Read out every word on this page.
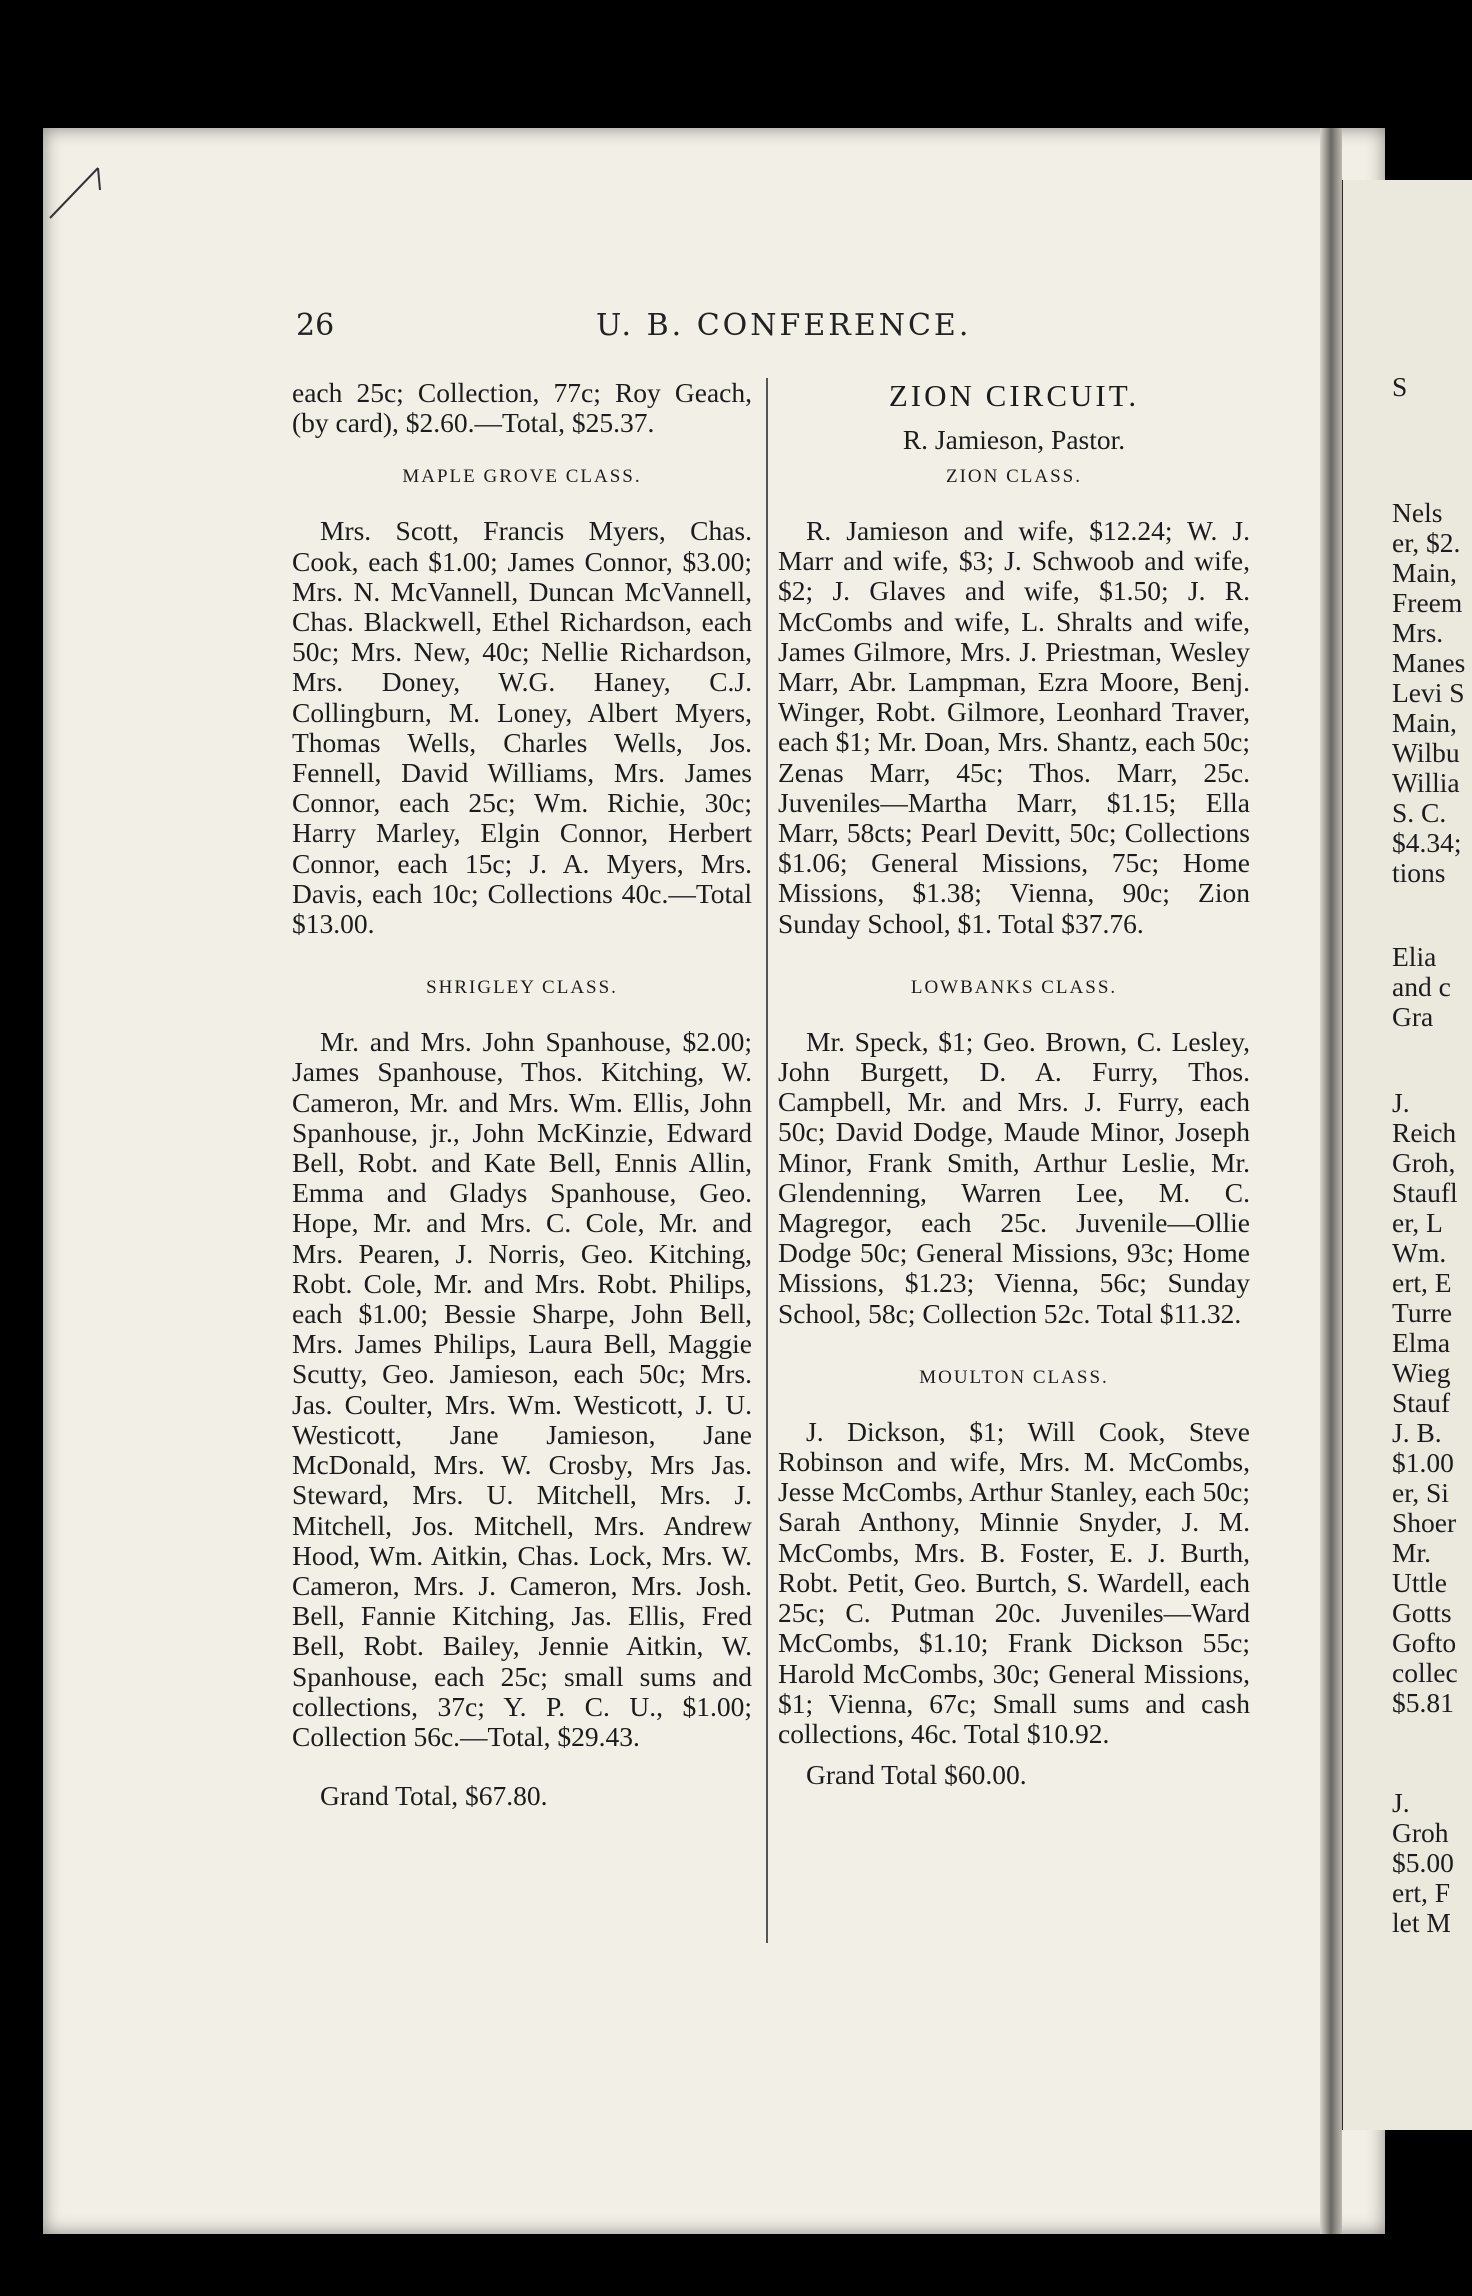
26	U. B. CONFERENCE.

each 25c; Collection, 77c; Roy Geach, (by card), $2.60.—Total, $25.37.

MAPLE GROVE CLASS.

Mrs. Scott, Francis Myers, Chas. Cook, each $1.00; James Connor, $3.00; Mrs. N. McVannell, Duncan McVannell, Chas. Blackwell, Ethel Richardson, each 50c; Mrs. New, 40c; Nellie Richardson, Mrs. Doney, W.G. Haney, C.J. Collingburn, M. Loney, Albert Myers, Thomas Wells, Charles Wells, Jos. Fennell, David Williams, Mrs. James Connor, each 25c; Wm. Richie, 30c; Harry Marley, Elgin Connor, Herbert Connor, each 15c; J. A. Myers, Mrs. Davis, each 10c; Collections 40c.—Total $13.00.

SHRIGLEY CLASS.

Mr. and Mrs. John Spanhouse, $2.00; James Spanhouse, Thos. Kitching, W. Cameron, Mr. and Mrs. Wm. Ellis, John Spanhouse, jr., John McKinzie, Edward Bell, Robt. and Kate Bell, Ennis Allin, Emma and Gladys Spanhouse, Geo. Hope, Mr. and Mrs. C. Cole, Mr. and Mrs. Pearen, J. Norris, Geo. Kitching, Robt. Cole, Mr. and Mrs. Robt. Philips, each $1.00; Bessie Sharpe, John Bell, Mrs. James Philips, Laura Bell, Maggie Scutty, Geo. Jamieson, each 50c; Mrs. Jas. Coulter, Mrs. Wm. Westicott, J. U. Westicott, Jane Jamieson, Jane McDonald, Mrs. W. Crosby, Mrs Jas. Steward, Mrs. U. Mitchell, Mrs. J. Mitchell, Jos. Mitchell, Mrs. Andrew Hood, Wm. Aitkin, Chas. Lock, Mrs. W. Cameron, Mrs. J. Cameron, Mrs. Josh. Bell, Fannie Kitching, Jas. Ellis, Fred Bell, Robt. Bailey, Jennie Aitkin, W. Spanhouse, each 25c; small sums and collections, 37c; Y. P. C. U., $1.00; Collection 56c.—Total, $29.43.

Grand Total, $67.80.

ZION CIRCUIT.

R. Jamieson, Pastor.

ZION CLASS.

R. Jamieson and wife, $12.24; W. J. Marr and wife, $3; J. Schwoob and wife, $2; J. Glaves and wife, $1.50; J. R. McCombs and wife, L. Shralts and wife, James Gilmore, Mrs. J. Priestman, Wesley Marr, Abr. Lampman, Ezra Moore, Benj. Winger, Robt. Gilmore, Leonhard Traver, each $1; Mr. Doan, Mrs. Shantz, each 50c; Zenas Marr, 45c; Thos. Marr, 25c. Juveniles—Martha Marr, $1.15; Ella Marr, 58cts; Pearl Devitt, 50c; Collections $1.06; General Missions, 75c; Home Missions, $1.38; Vienna, 90c; Zion Sunday School, $1. Total $37.76.

LOWBANKS CLASS.

Mr. Speck, $1; Geo. Brown, C. Lesley, John Burgett, D. A. Furry, Thos. Campbell, Mr. and Mrs. J. Furry, each 50c; David Dodge, Maude Minor, Joseph Minor, Frank Smith, Arthur Leslie, Mr. Glendenning, Warren Lee, M. C. Magregor, each 25c. Juvenile—Ollie Dodge 50c; General Missions, 93c; Home Missions, $1.23; Vienna, 56c; Sunday School, 58c; Collection 52c. Total $11.32.

MOULTON CLASS.

J. Dickson, $1; Will Cook, Steve Robinson and wife, Mrs. M. McCombs, Jesse McCombs, Arthur Stanley, each 50c; Sarah Anthony, Minnie Snyder, J. M. McCombs, Mrs. B. Foster, E. J. Burth, Robt. Petit, Geo. Burtch, S. Wardell, each 25c; C. Putman 20c. Juveniles—Ward McCombs, $1.10; Frank Dickson 55c; Harold McCombs, 30c; General Missions, $1; Vienna, 67c; Small sums and cash collections, 46c. Total $10.92.

Grand Total $60.00.

S
Nels
er, $2.
Main,
Freem
Mrs.
Manes
Levi S
Main,
Wilbu
Willia
S. C.
$4.34;
tions
Elia
and c
Gra
J.
Reich
Groh,
Staufl
er, L
Wm.
ert, E
Turre
Elma
Wieg
Stauf
J. B.
$1.00
er, Si
Shoer
Mr.
Uttle
Gotts
Gofto
collec
$5.81
J.
Groh
$5.00
ert, F
let M
